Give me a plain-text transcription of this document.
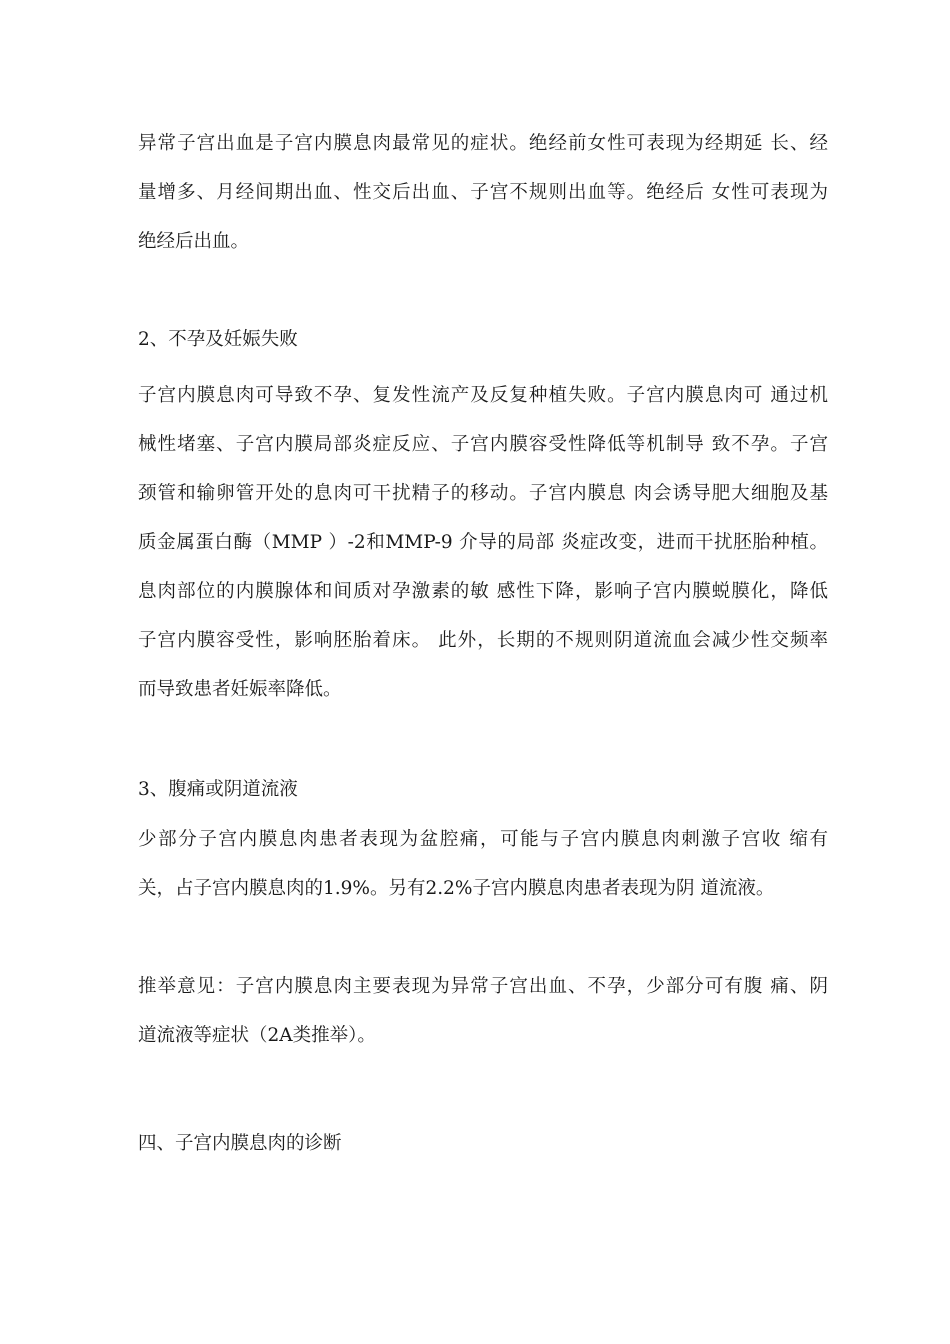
异常子宫出血是子宫内膜息肉最常见的症状。绝经前女性可表现为经期延 长、经
量增多、月经间期出血、性交后出血、子宫不规则出血等。绝经后 女性可表现为
绝经后出血。
2、不孕及妊娠失败
子宫内膜息肉可导致不孕、复发性流产及反复种植失败。子宫内膜息肉可 通过机
械性堵塞、子宫内膜局部炎症反应、子宫内膜容受性降低等机制导 致不孕。子宫
颈管和输卵管开处的息肉可干扰精子的移动。子宫内膜息 肉会诱导肥大细胞及基
质金属蛋白酶（MMP ）-2和MMP-9 介导的局部 炎症改变，进而干扰胚胎种植。
息肉部位的内膜腺体和间质对孕激素的敏 感性下降，影响子宫内膜蜕膜化，降低
子宫内膜容受性，影响胚胎着床。 此外，长期的不规则阴道流血会减少性交频率
而导致患者妊娠率降低。
3、腹痛或阴道流液
少部分子宫内膜息肉患者表现为盆腔痛，可能与子宫内膜息肉刺激子宫收 缩有
关，占子宫内膜息肉的1.9%。另有2.2%子宫内膜息肉患者表现为阴 道流液。
推举意见：子宫内膜息肉主要表现为异常子宫出血、不孕，少部分可有腹 痛、阴
道流液等症状（2A类推举）。
四、子宫内膜息肉的诊断
